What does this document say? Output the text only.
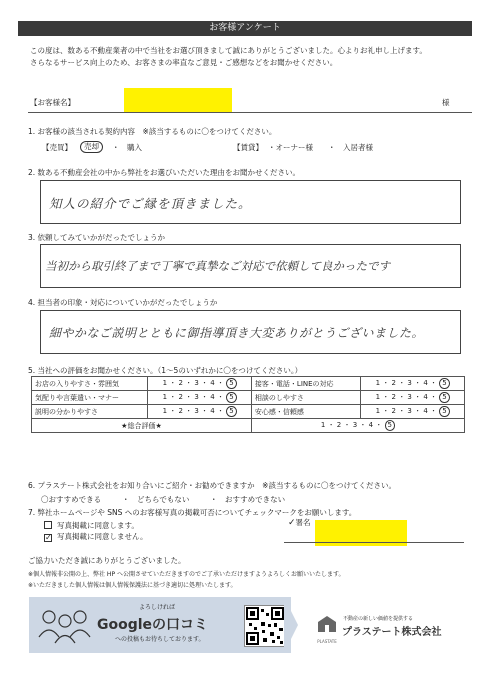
お客様アンケート
この度は、数ある不動産業者の中で当社をお選び頂きまして誠にありがとうございました。心よりお礼申し上げます。
さらなるサービス向上のため、お客さまの率直なご意見・ご感想などをお聞かせください。
【お客様名】	様
1. お客様の該当される契約内容　※該当するものに〇をつけてください。
【売買】	売却	・　購入	【賃貸】 ・オーナー様 ・　入居者様
2. 数ある不動産会社の中から弊社をお選びいただいた理由をお聞かせください。
知人の紹介でご縁を頂きました。
3. 依頼してみていかがだったでしょうか
当初から取引終了まで丁寧で真摯なご対応で依頼して良かったです
4. 担当者の印象・対応についていかがだったでしょうか
細やかなご説明とともに御指導頂き大変ありがとうございました。
5. 当社への評価をお聞かせください。（1～5のいずれかに〇をつけてください。）
お店の入りやすさ・雰囲気	1 ・ 2 ・ 3 ・ 4 ・ 5	接客・電話・LINEの対応	1 ・ 2 ・ 3 ・ 4 ・ 5
気配りや言葉遣い・マナー	1 ・ 2 ・ 3 ・ 4 ・ 5	相談のしやすさ	1 ・ 2 ・ 3 ・ 4 ・ 5
説明の分かりやすさ	1 ・ 2 ・ 3 ・ 4 ・ 5	安心感・信頼感	1 ・ 2 ・ 3 ・ 4 ・ 5
★総合評価★		1 ・ 2 ・ 3 ・ 4 ・ 5	
6. プラステート株式会社をお知り合いにご紹介・お勧めできますか　※該当するものに〇をつけてください。
〇おすすめできる	・　どちらでもない	・　おすすめできない
7. 弊社ホームページや SNS へのお客様写真の掲載可否についてチェックマークをお願いします。
写真掲載に同意します。
✓ 写真掲載に同意しません。
✓署名
ご協力いただき誠にありがとうございました。
※個人情報非公開の上、弊社 HP へ公開させていただきますのでご了承いただけますようよろしくお願いいたします。
※いただきました個人情報は個人情報保護法に基づき適切に処理いたします。
よろしければ
Googleの口コミ
への投稿もお待ちしております。	PLASTATE
不動産の新しい価値を提供する
プラステート株式会社
